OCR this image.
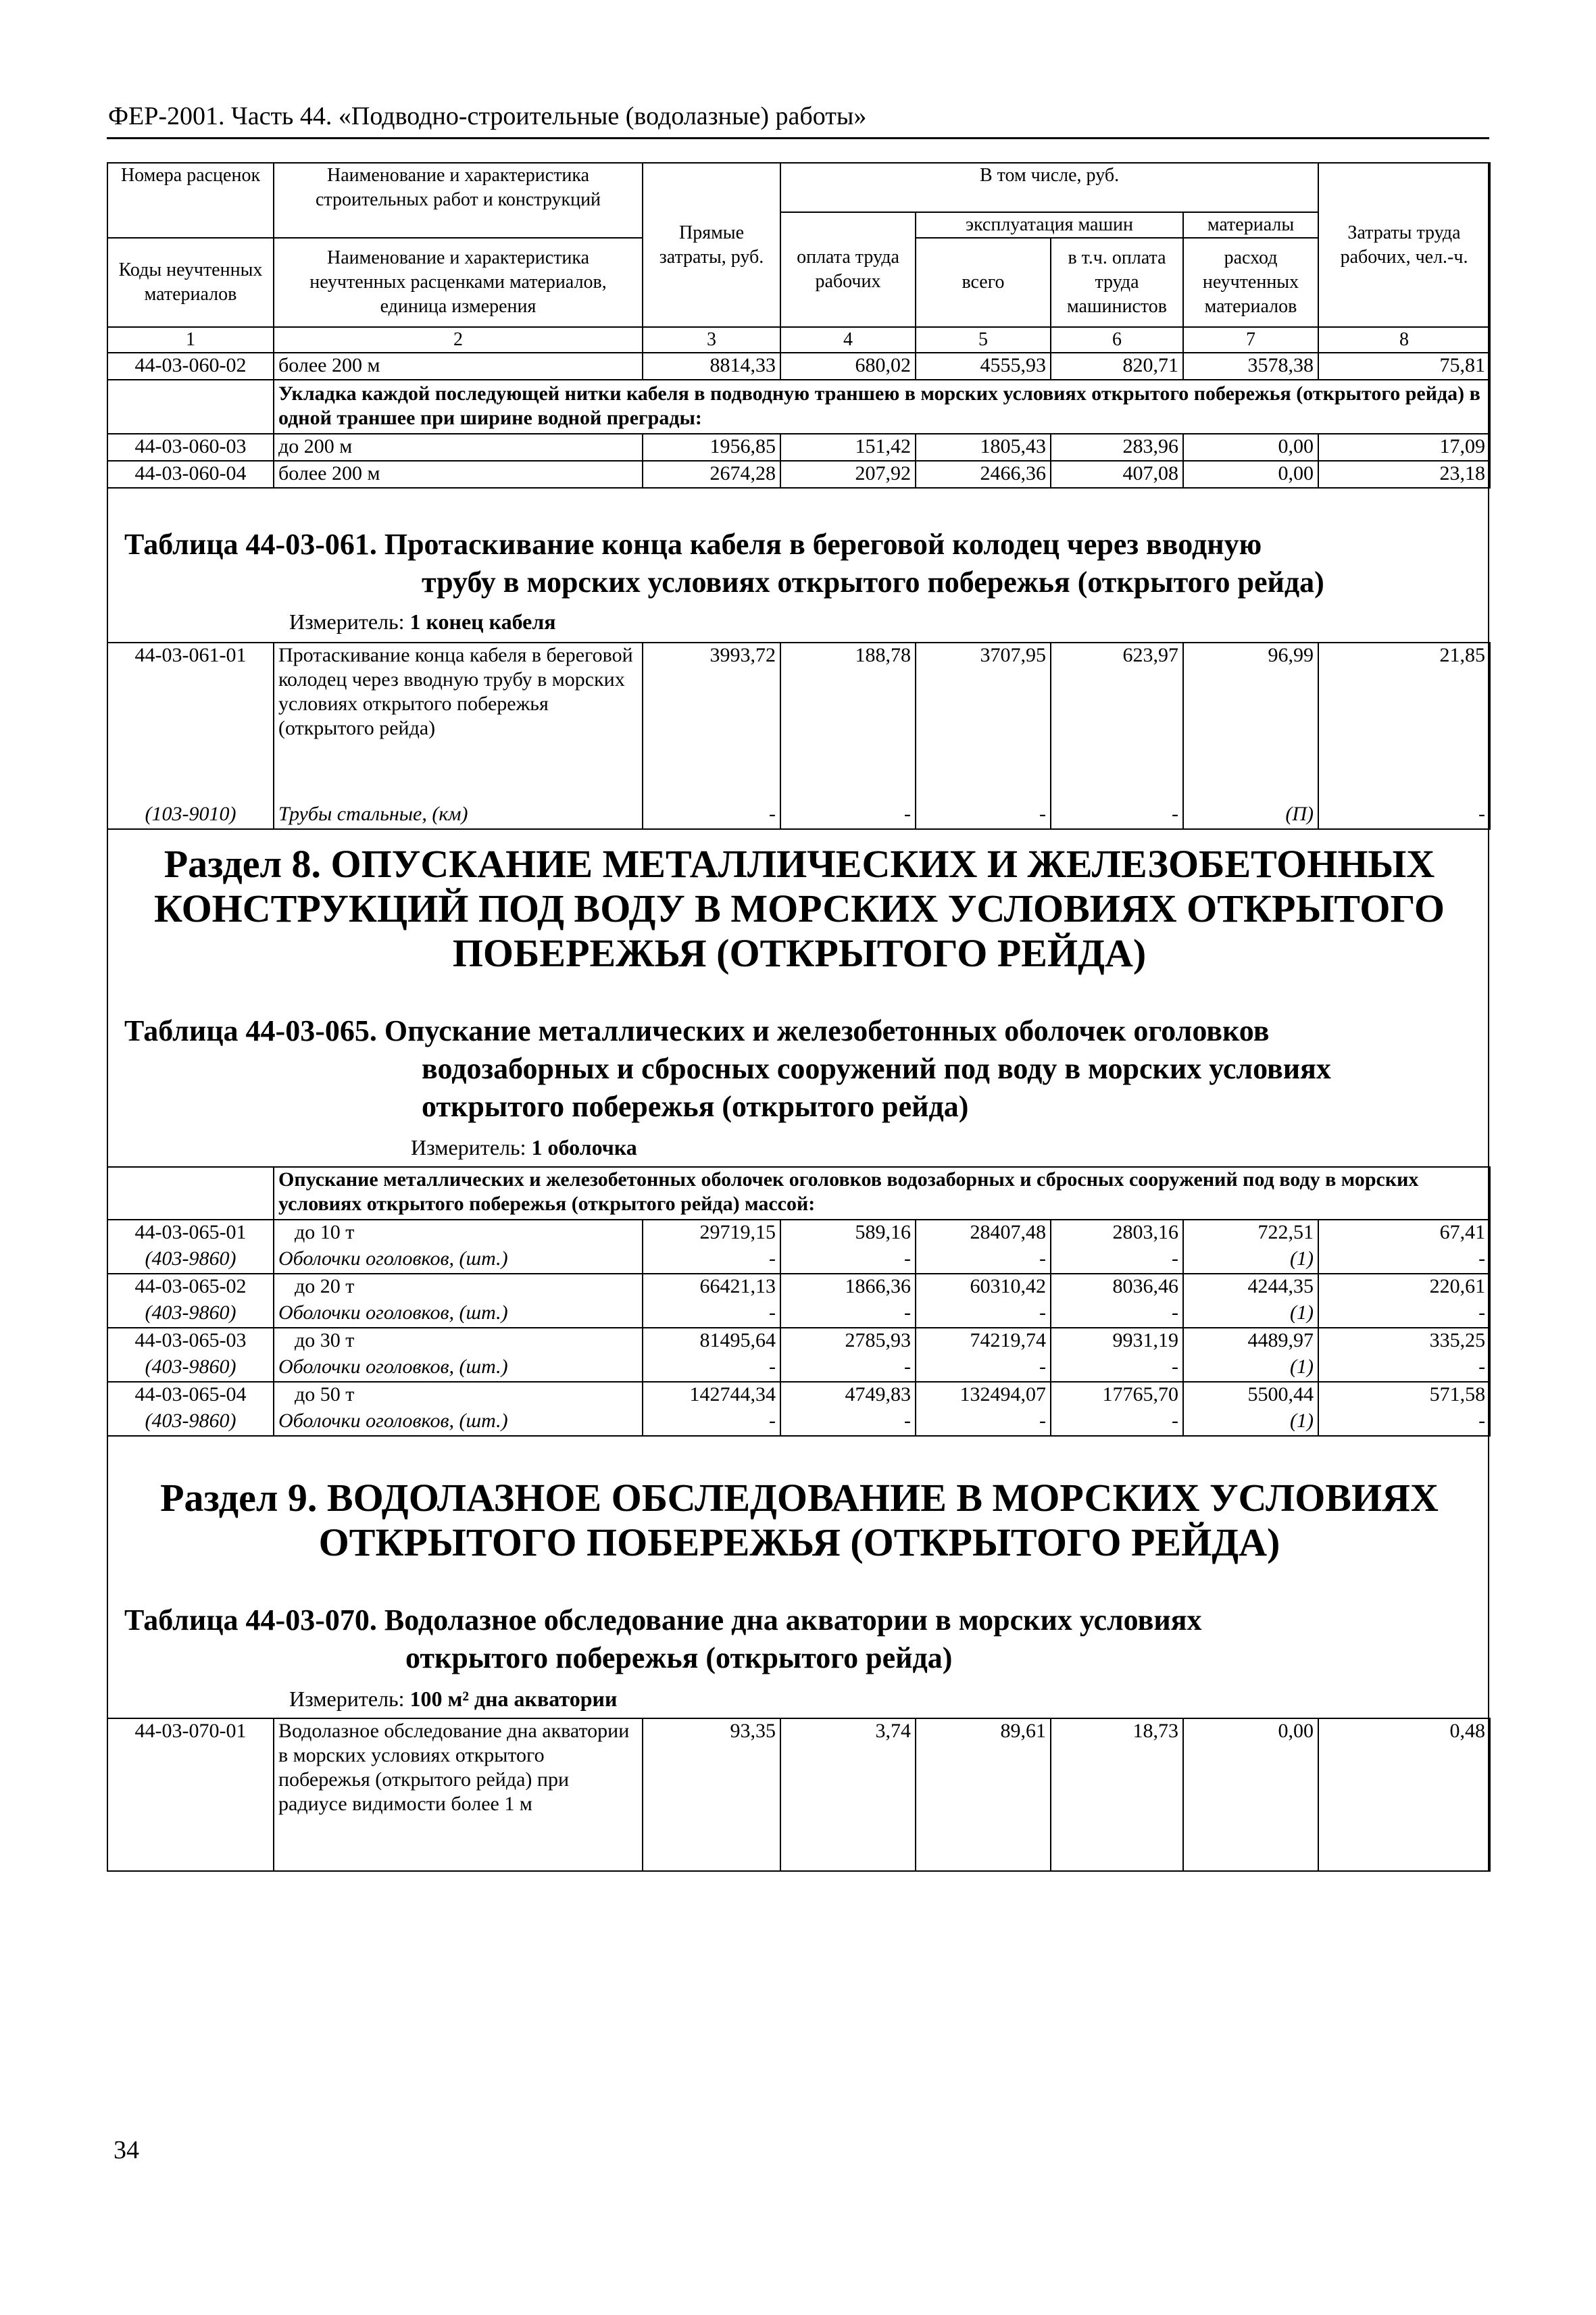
ФЕР-2001. Часть 44. «Подводно-строительные (водолазные) работы»
Номера расценок	Наименование и характеристика строительных работ и конструкций	Прямые затраты, руб.	В том числе, руб.				Затраты труда рабочих, чел.-ч.
			оплата труда рабочих	эксплуатация машин		материалы	
Коды неучтенных материалов	Наименование и характеристика неучтенных расценками материалов, единица измерения			всего	в т.ч. оплата труда машинистов	расход неучтенных материалов	
1	2	3	4	5	6	7	8
44-03-060-02	более 200 м	8814,33	680,02	4555,93	820,71	3578,38	75,81
	Укладка каждой последующей нитки кабеля в подводную траншею в морских условиях открытого побережья (открытого рейда) в одной траншее при ширине водной преграды:						
44-03-060-03	до 200 м	1956,85	151,42	1805,43	283,96	0,00	17,09
44-03-060-04	более 200 м	2674,28	207,92	2466,36	407,08	0,00	23,18
Таблица 44-03-061. Протаскивание конца кабеля в береговой колодец через вводную
трубу в морских условиях открытого побережья (открытого рейда)
Измеритель: 1 конец кабеля
44-03-061-01	Протаскивание конца кабеля в береговой колодец через вводную трубу в морских условиях открытого побережья (открытого рейда)	3993,72	188,78	3707,95	623,97	96,99	21,85
(103-9010)	Трубы стальные, (км)	-	-	-	-	(П)	-
Раздел 8. ОПУСКАНИЕ МЕТАЛЛИЧЕСКИХ И ЖЕЛЕЗОБЕТОННЫХ
КОНСТРУКЦИЙ ПОД ВОДУ В МОРСКИХ УСЛОВИЯХ ОТКРЫТОГО
ПОБЕРЕЖЬЯ (ОТКРЫТОГО РЕЙДА)
Таблица 44-03-065. Опускание металлических и железобетонных оболочек оголовков
водозаборных и сбросных сооружений под воду в морских условиях
открытого побережья (открытого рейда)
Измеритель: 1 оболочка
	Опускание металлических и железобетонных оболочек оголовков водозаборных и сбросных сооружений под воду в морских условиях открытого побережья (открытого рейда) массой:						
44-03-065-01	до 10 т	29719,15	589,16	28407,48	2803,16	722,51	67,41
(403-9860)	Оболочки оголовков, (шт.)	-	-	-	-	(1)	-
44-03-065-02	до 20 т	66421,13	1866,36	60310,42	8036,46	4244,35	220,61
(403-9860)	Оболочки оголовков, (шт.)	-	-	-	-	(1)	-
44-03-065-03	до 30 т	81495,64	2785,93	74219,74	9931,19	4489,97	335,25
(403-9860)	Оболочки оголовков, (шт.)	-	-	-	-	(1)	-
44-03-065-04	до 50 т	142744,34	4749,83	132494,07	17765,70	5500,44	571,58
(403-9860)	Оболочки оголовков, (шт.)	-	-	-	-	(1)	-
Раздел 9. ВОДОЛАЗНОЕ ОБСЛЕДОВАНИЕ В МОРСКИХ УСЛОВИЯХ
ОТКРЫТОГО ПОБЕРЕЖЬЯ (ОТКРЫТОГО РЕЙДА)
Таблица 44-03-070. Водолазное обследование дна акватории в морских условиях
открытого побережья (открытого рейда)
Измеритель: 100 м² дна акватории
44-03-070-01	Водолазное обследование дна акватории в морских условиях открытого побережья (открытого рейда) при радиусе видимости более 1 м	93,35	3,74	89,61	18,73	0,00	0,48
34
